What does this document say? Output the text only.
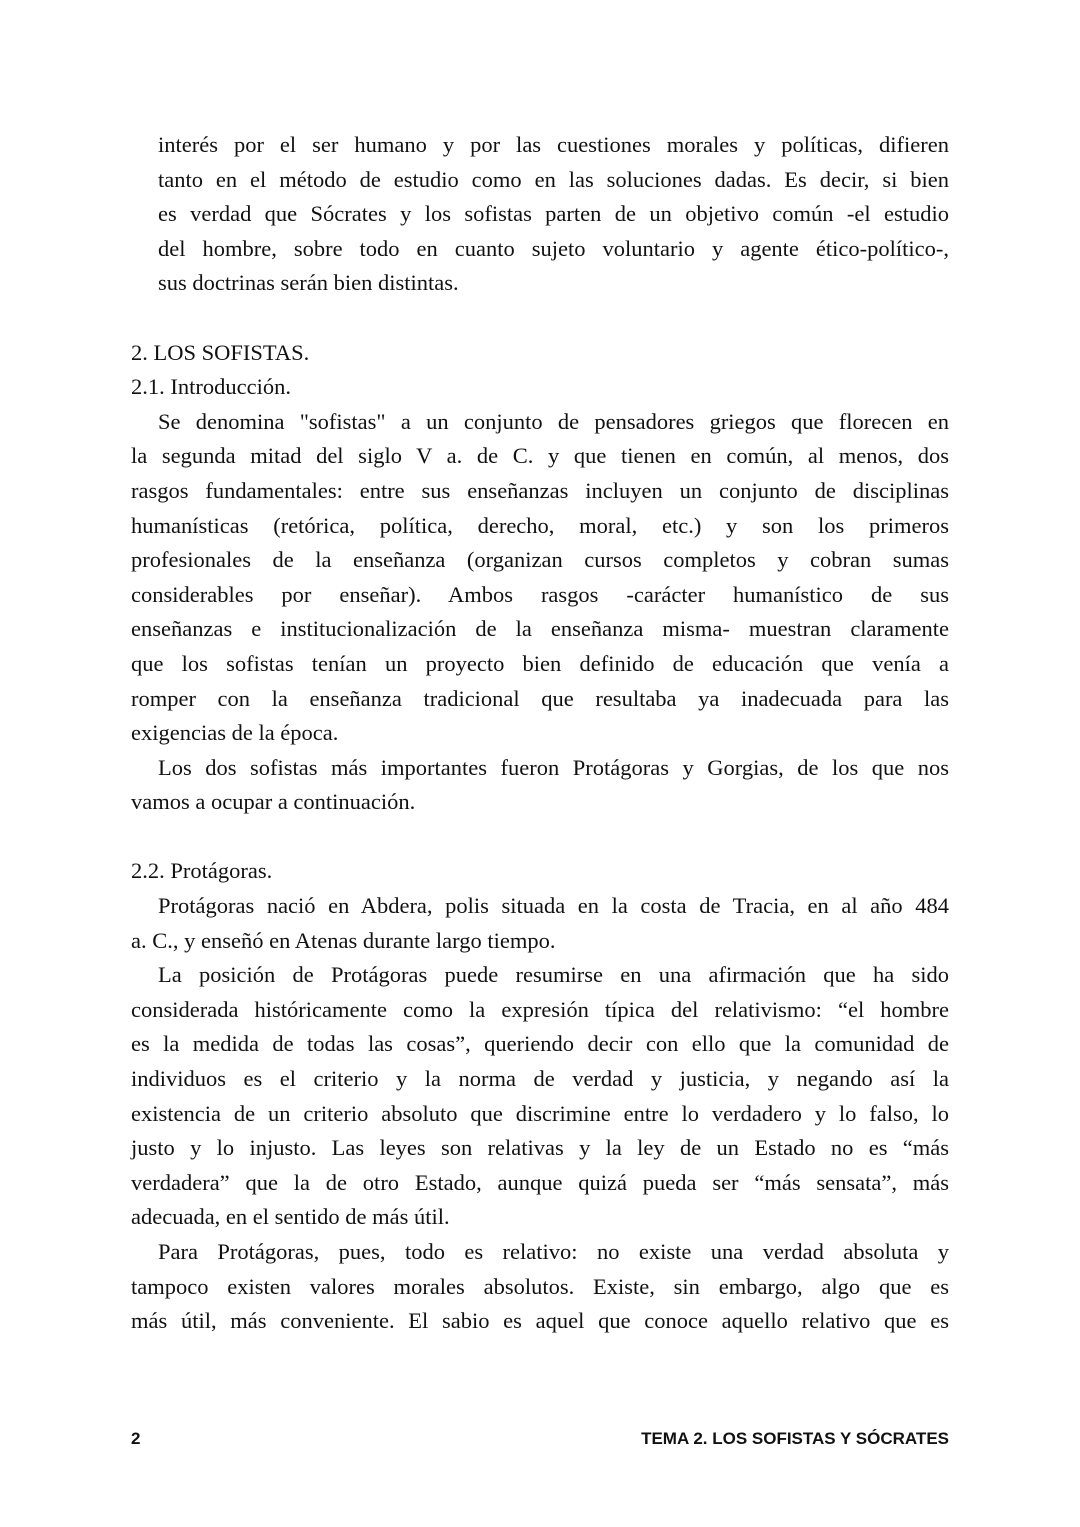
interés por el ser humano y por las cuestiones morales y políticas, difieren
tanto en el método de estudio como en las soluciones dadas. Es decir, si bien
es verdad que Sócrates y los sofistas parten de un objetivo común -el estudio
del hombre, sobre todo en cuanto sujeto voluntario y agente ético-político-,
sus doctrinas serán bien distintas.
2. LOS SOFISTAS.
2.1. Introducción.
Se denomina "sofistas" a un conjunto de pensadores griegos que florecen en
la segunda mitad del siglo V a. de C. y que tienen en común, al menos, dos
rasgos fundamentales: entre sus enseñanzas incluyen un conjunto de disciplinas
humanísticas (retórica, política, derecho, moral, etc.) y son los primeros
profesionales de la enseñanza (organizan cursos completos y cobran sumas
considerables por enseñar). Ambos rasgos -carácter humanístico de sus
enseñanzas e institucionalización de la enseñanza misma- muestran claramente
que los sofistas tenían un proyecto bien definido de educación que venía a
romper con la enseñanza tradicional que resultaba ya inadecuada para las
exigencias de la época.
Los dos sofistas más importantes fueron Protágoras y Gorgias, de los que nos
vamos a ocupar a continuación.
2.2. Protágoras.
Protágoras nació en Abdera, polis situada en la costa de Tracia, en al año 484
a. C., y enseñó en Atenas durante largo tiempo.
La posición de Protágoras puede resumirse en una afirmación que ha sido
considerada históricamente como la expresión típica del relativismo: “el hombre
es la medida de todas las cosas”, queriendo decir con ello que la comunidad de
individuos es el criterio y la norma de verdad y justicia, y negando así la
existencia de un criterio absoluto que discrimine entre lo verdadero y lo falso, lo
justo y lo injusto. Las leyes son relativas y la ley de un Estado no es “más
verdadera” que la de otro Estado, aunque quizá pueda ser “más sensata”, más
adecuada, en el sentido de más útil.
Para Protágoras, pues, todo es relativo: no existe una verdad absoluta y
tampoco existen valores morales absolutos. Existe, sin embargo, algo que es
más útil, más conveniente. El sabio es aquel que conoce aquello relativo que es
2	TEMA 2. LOS SOFISTAS Y SÓCRATES
